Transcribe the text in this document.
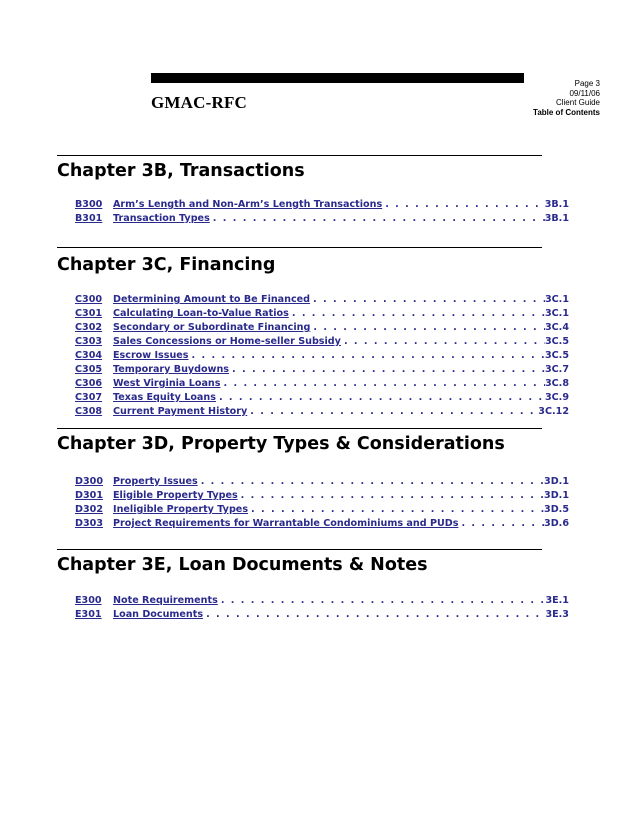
GMAC-RFC
Page 3
09/11/06
Client Guide
Table of Contents
Chapter 3B, Transactions
B300	Arm’s Length and Non-Arm’s Length Transactions . . .	3B.1
B301	Transaction Types . . .	3B.1
Chapter 3C, Financing
C300	Determining Amount to Be Financed . . .	3C.1
C301	Calculating Loan-to-Value Ratios . . .	3C.1
C302	Secondary or Subordinate Financing . . .	3C.4
C303	Sales Concessions or Home-seller Subsidy . . .	3C.5
C304	Escrow Issues . . .	3C.5
C305	Temporary Buydowns . . .	3C.7
C306	West Virginia Loans . . .	3C.8
C307	Texas Equity Loans . . .	3C.9
C308	Current Payment History . . .	3C.12
Chapter 3D, Property Types & Considerations
D300	Property Issues . . .	3D.1
D301	Eligible Property Types . . .	3D.1
D302	Ineligible Property Types . . .	3D.5
D303	Project Requirements for Warrantable Condominiums and PUDs . . .	3D.6
Chapter 3E, Loan Documents & Notes
E300	Note Requirements . . .	3E.1
E301	Loan Documents . . .	3E.3
